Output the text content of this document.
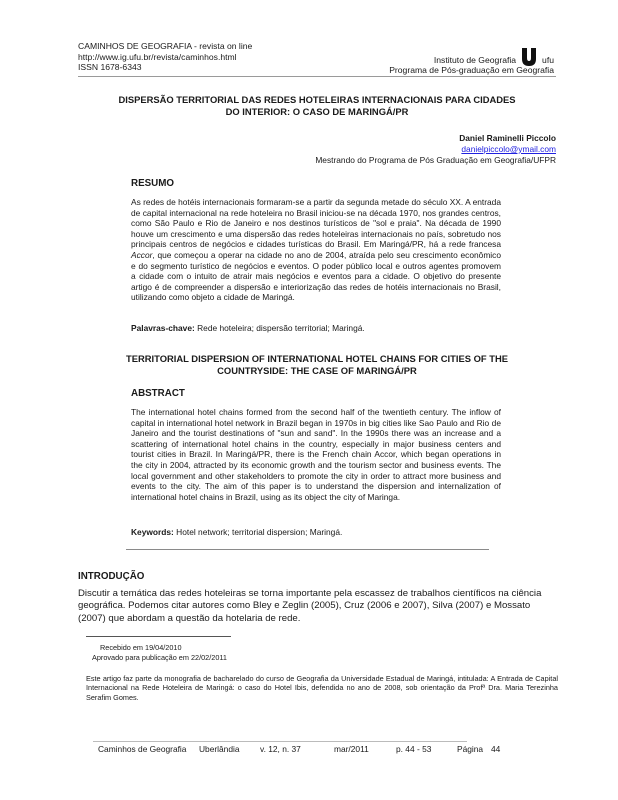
CAMINHOS DE GEOGRAFIA - revista on line
http://www.ig.ufu.br/revista/caminhos.html
ISSN 1678-6343
Instituto de Geografia	ufu
Programa de Pós-graduação em Geografia
DISPERSÃO TERRITORIAL DAS REDES HOTELEIRAS INTERNACIONAIS PARA CIDADES
DO INTERIOR: O CASO DE MARINGÁ/PR
Daniel Raminelli Piccolo
danielpiccolo@ymail.com
Mestrando do Programa de Pós Graduação em Geografia/UFPR
RESUMO
As redes de hotéis internacionais formaram-se a partir da segunda metade do século XX. A entrada de capital internacional na rede hoteleira no Brasil iniciou-se na década 1970, nos grandes centros, como São Paulo e Rio de Janeiro e nos destinos turísticos de "sol e praia". Na década de 1990 houve um crescimento e uma dispersão das redes hoteleiras internacionais no país, sobretudo nos principais centros de negócios e cidades turísticas do Brasil. Em Maringá/PR, há a rede francesa Accor, que começou a operar na cidade no ano de 2004, atraída pelo seu crescimento econômico e do segmento turístico de negócios e eventos. O poder público local e outros agentes promovem a cidade com o intuito de atrair mais negócios e eventos para a cidade. O objetivo do presente artigo é de compreender a dispersão e interiorização das redes de hotéis internacionais no Brasil, utilizando como objeto a cidade de Maringá.
Palavras-chave: Rede hoteleira; dispersão territorial; Maringá.
TERRITORIAL DISPERSION OF INTERNATIONAL HOTEL CHAINS FOR CITIES OF THE
COUNTRYSIDE: THE CASE OF MARINGÁ/PR
ABSTRACT
The international hotel chains formed from the second half of the twentieth century. The inflow of capital in international hotel network in Brazil began in 1970s in big cities like Sao Paulo and Rio de Janeiro and the tourist destinations of "sun and sand". In the 1990s there was an increase and a scattering of international hotel chains in the country, especially in major business centers and tourist cities in Brazil. In Maringá/PR, there is the French chain Accor, which began operations in the city in 2004, attracted by its economic growth and the tourism sector and business events. The local government and other stakeholders to promote the city in order to attract more business and events to the city. The aim of this paper is to understand the dispersion and internalization of international hotel chains in Brazil, using as its object the city of Maringa.
Keywords: Hotel network; territorial dispersion; Maringá.
INTRODUÇÃO
Discutir a temática das redes hoteleiras se torna importante pela escassez de trabalhos científicos na ciência geográfica. Podemos citar autores como Bley e Zeglin (2005), Cruz (2006 e 2007), Silva (2007) e Mossato (2007) que abordam a questão da hotelaria de rede.
Recebido em 19/04/2010
Aprovado para publicação em 22/02/2011
Este artigo faz parte da monografia de bacharelado do curso de Geografia da Universidade Estadual de Maringá, intitulada: A Entrada de Capital Internacional na Rede Hoteleira de Maringá: o caso do Hotel Ibis, defendida no ano de 2008, sob orientação da Profª Dra. Maria Terezinha Serafim Gomes.
Caminhos de Geografia	Uberlândia	v. 12, n. 37	mar/2011	p. 44 - 53	Página 44
